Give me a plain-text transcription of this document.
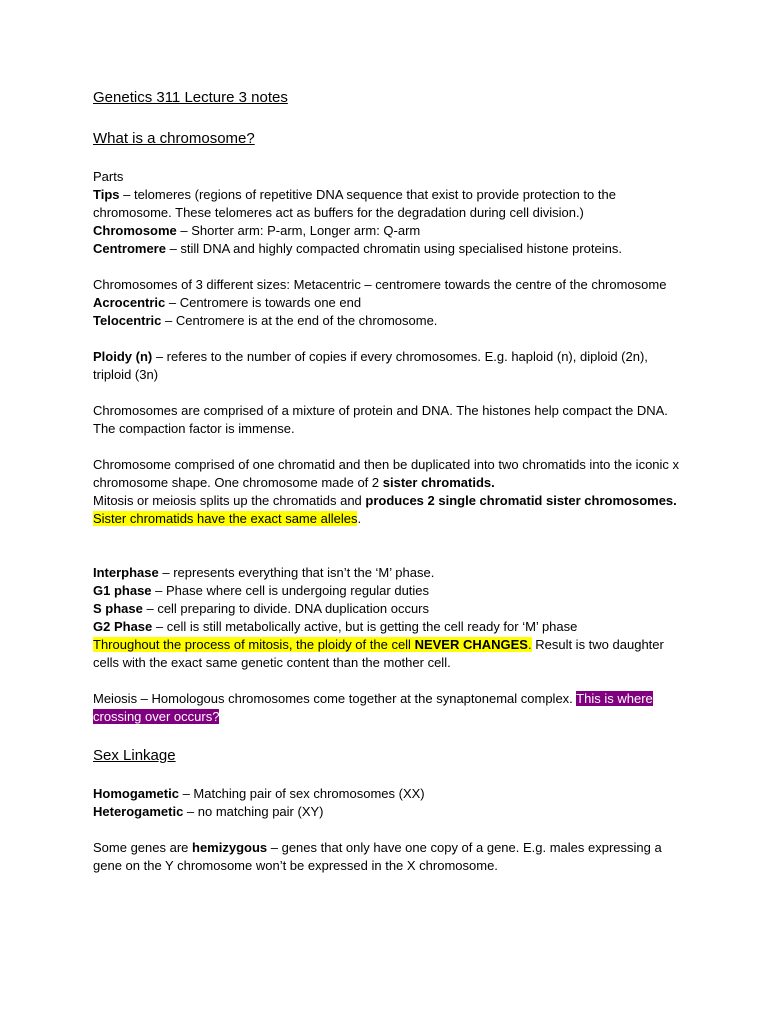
Genetics 311 Lecture 3 notes
What is a chromosome?

Parts

Tips – telomeres (regions of repetitive DNA sequence that exist to provide protection to the chromosome. These telomeres act as buffers for the degradation during cell division.)

Chromosome – Shorter arm: P-arm, Longer arm: Q-arm

Centromere – still DNA and highly compacted chromatin using specialised histone proteins.

Chromosomes of 3 different sizes: Metacentric – centromere towards the centre of the chromosome

Acrocentric – Centromere is towards one end

Telocentric – Centromere is at the end of the chromosome.

Ploidy (n) – referes to the number of copies if every chromosomes. E.g. haploid (n), diploid (2n), triploid (3n)

Chromosomes are comprised of a mixture of protein and DNA. The histones help compact the DNA. The compaction factor is immense.

Chromosome comprised of one chromatid and then be duplicated into two chromatids into the iconic x chromosome shape. One chromosome made of 2 sister chromatids.

Mitosis or meiosis splits up the chromatids and produces 2 single chromatid sister chromosomes.

Sister chromatids have the exact same alleles.

Interphase – represents everything that isn’t the ‘M’ phase.

G1 phase – Phase where cell is undergoing regular duties

S phase – cell preparing to divide. DNA duplication occurs

G2 Phase – cell is still metabolically active, but is getting the cell ready for ‘M’ phase

Throughout the process of mitosis, the ploidy of the cell NEVER CHANGES. Result is two daughter cells with the exact same genetic content than the mother cell.

Meiosis – Homologous chromosomes come together at the synaptonemal complex. This is where crossing over occurs?

Sex Linkage

Homogametic – Matching pair of sex chromosomes (XX)

Heterogametic – no matching pair (XY)

Some genes are hemizygous – genes that only have one copy of a gene. E.g. males expressing a gene on the Y chromosome won’t be expressed in the X chromosome.
